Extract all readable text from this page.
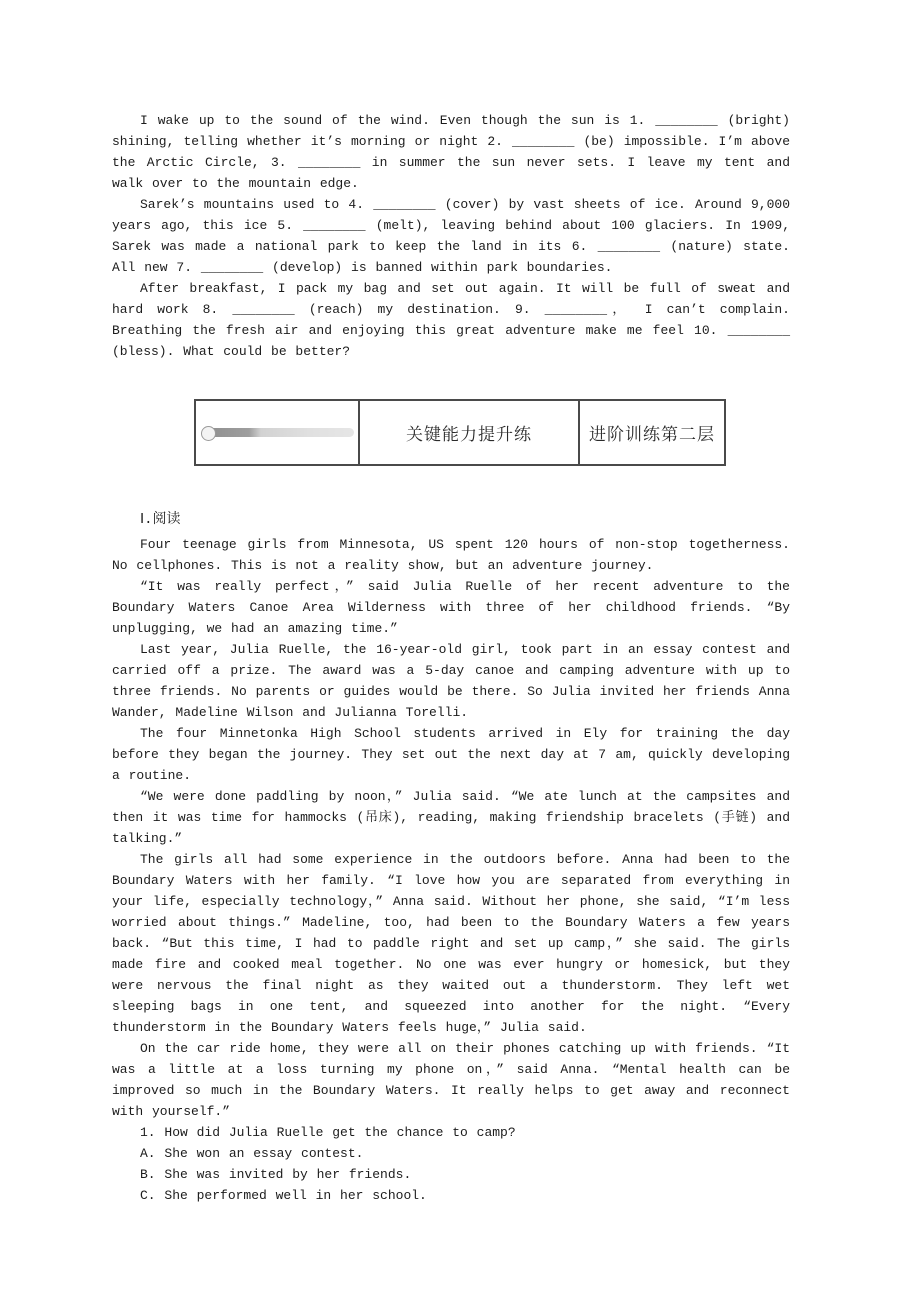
I wake up to the sound of the wind. Even though the sun is 1. ________ (bright) shining, telling whether it’s morning or night 2. ________ (be) impossible. I’m above the Arctic Circle, 3. ________ in summer the sun never sets. I leave my tent and walk over to the mountain edge.

Sarek’s mountains used to 4. ________ (cover) by vast sheets of ice. Around 9,000 years ago, this ice 5. ________ (melt), leaving behind about 100 glaciers. In 1909, Sarek was made a national park to keep the land in its 6. ________ (nature) state. All new 7. ________ (develop) is banned within park boundaries.

After breakfast, I pack my bag and set out again. It will be full of sweat and hard work 8. ________ (reach) my destination. 9. ________， I can’t complain. Breathing the fresh air and enjoying this great adventure make me feel 10. ________ (bless). What could be better?

关键能力提升练	进阶训练第二层
Ⅰ.阅读

Four teenage girls from Minnesota, US spent 120 hours of non-stop togetherness. No cellphones. This is not a reality show, but an adventure journey.

“It was really perfect，” said Julia Ruelle of her recent adventure to the Boundary Waters Canoe Area Wilderness with three of her childhood friends. “By unplugging, we had an amazing time.”

Last year, Julia Ruelle, the 16-year-old girl, took part in an essay contest and carried off a prize. The award was a 5-day canoe and camping adventure with up to three friends. No parents or guides would be there. So Julia invited her friends Anna Wander, Madeline Wilson and Julianna Torelli.

The four Minnetonka High School students arrived in Ely for training the day before they began the journey. They set out the next day at 7 am, quickly developing a routine.

“We were done paddling by noon，” Julia said. “We ate lunch at the campsites and then it was time for hammocks (吊床), reading, making friendship bracelets (手链) and talking.”

The girls all had some experience in the outdoors before. Anna had been to the Boundary Waters with her family. “I love how you are separated from everything in your life, especially technology，” Anna said. Without her phone, she said, “I’m less worried about things.” Madeline, too, had been to the Boundary Waters a few years back. “But this time, I had to paddle right and set up camp，” she said. The girls made fire and cooked meal together. No one was ever hungry or homesick, but they were nervous the final night as they waited out a thunderstorm. They left wet sleeping bags in one tent, and squeezed into another for the night. “Every thunderstorm in the Boundary Waters feels huge，” Julia said.

On the car ride home, they were all on their phones catching up with friends. “It was a little at a loss turning my phone on，” said Anna. “Mental health can be improved so much in the Boundary Waters. It really helps to get away and reconnect with yourself.”

1. How did Julia Ruelle get the chance to camp?
A. She won an essay contest.
B. She was invited by her friends.
C. She performed well in her school.
